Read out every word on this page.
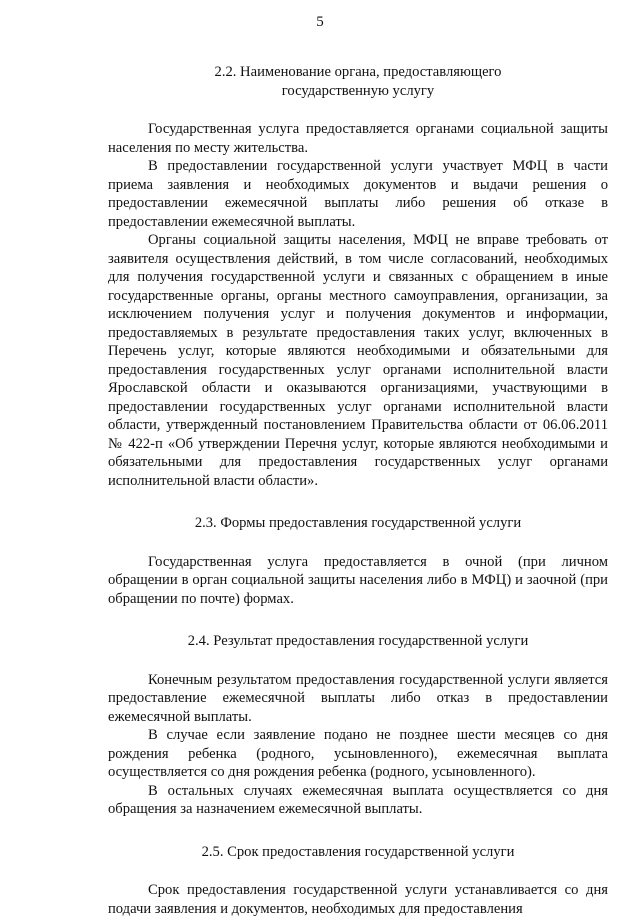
5
2.2. Наименование органа, предоставляющего
государственную услугу

Государственная услуга предоставляется органами социальной защиты населения по месту жительства.

В предоставлении государственной услуги участвует МФЦ в части приема заявления и необходимых документов и выдачи решения о предоставлении ежемесячной выплаты либо решения об отказе в предоставлении ежемесячной выплаты.

Органы социальной защиты населения, МФЦ не вправе требовать от заявителя осуществления действий, в том числе согласований, необходимых для получения государственной услуги и связанных с обращением в иные государственные органы, органы местного самоуправления, организации, за исключением получения услуг и получения документов и информации, предоставляемых в результате предоставления таких услуг, включенных в Перечень услуг, которые являются необходимыми и обязательными для предоставления государственных услуг органами исполнительной власти Ярославской области и оказываются организациями, участвующими в предоставлении государственных услуг органами исполнительной власти области, утвержденный постановлением Правительства области от 06.06.2011 № 422-п «Об утверждении Перечня услуг, которые являются необходимыми и обязательными для предоставления государственных услуг органами исполнительной власти области».

2.3. Формы предоставления государственной услуги

Государственная услуга предоставляется в очной (при личном обращении в орган социальной защиты населения либо в МФЦ) и заочной (при обращении по почте) формах.

2.4. Результат предоставления государственной услуги

Конечным результатом предоставления государственной услуги является предоставление ежемесячной выплаты либо отказ в предоставлении ежемесячной выплаты.

В случае если заявление подано не позднее шести месяцев со дня рождения ребенка (родного, усыновленного), ежемесячная выплата осуществляется со дня рождения ребенка (родного, усыновленного).

В остальных случаях ежемесячная выплата осуществляется со дня обращения за назначением ежемесячной выплаты.

2.5. Срок предоставления государственной услуги

Срок предоставления государственной услуги устанавливается со дня подачи заявления и документов, необходимых для предоставления
